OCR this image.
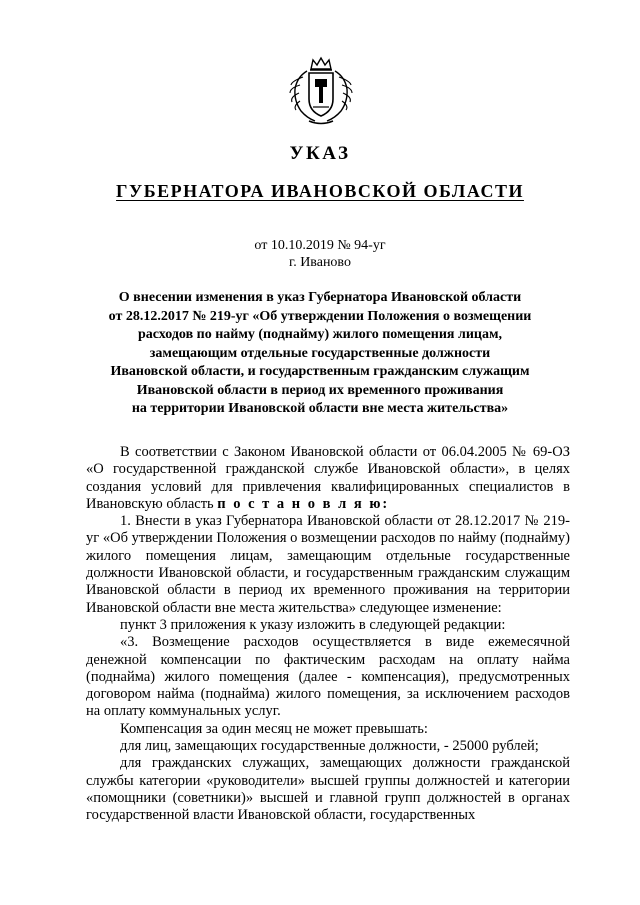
УКАЗ
ГУБЕРНАТОРА ИВАНОВСКОЙ ОБЛАСТИ
от 10.10.2019 № 94-уг
г. Иваново
О внесении изменения в указ Губернатора Ивановской области
от 28.12.2017 № 219-уг «Об утверждении Положения о возмещении
расходов по найму (поднайму) жилого помещения лицам,
замещающим отдельные государственные должности
Ивановской области, и государственным гражданским служащим
Ивановской области в период их временного проживания
на территории Ивановской области вне места жительства»

В соответствии с Законом Ивановской области от 06.04.2005 № 69-ОЗ «О государственной гражданской службе Ивановской области», в целях создания условий для привлечения квалифицированных специалистов в Ивановскую область п о с т а н о в л я ю:

1. Внести в указ Губернатора Ивановской области от 28.12.2017 № 219-уг «Об утверждении Положения о возмещении расходов по найму (поднайму) жилого помещения лицам, замещающим отдельные государственные должности Ивановской области, и государственным гражданским служащим Ивановской области в период их временного проживания на территории Ивановской области вне места жительства» следующее изменение:

пункт 3 приложения к указу изложить в следующей редакции:

«3. Возмещение расходов осуществляется в виде ежемесячной денежной компенсации по фактическим расходам на оплату найма (поднайма) жилого помещения (далее - компенсация), предусмотренных договором найма (поднайма) жилого помещения, за исключением расходов на оплату коммунальных услуг.

Компенсация за один месяц не может превышать:

для лиц, замещающих государственные должности, - 25000 рублей;

для гражданских служащих, замещающих должности гражданской службы категории «руководители» высшей группы должностей и категории «помощники (советники)» высшей и главной групп должностей в органах государственной власти Ивановской области, государственных
